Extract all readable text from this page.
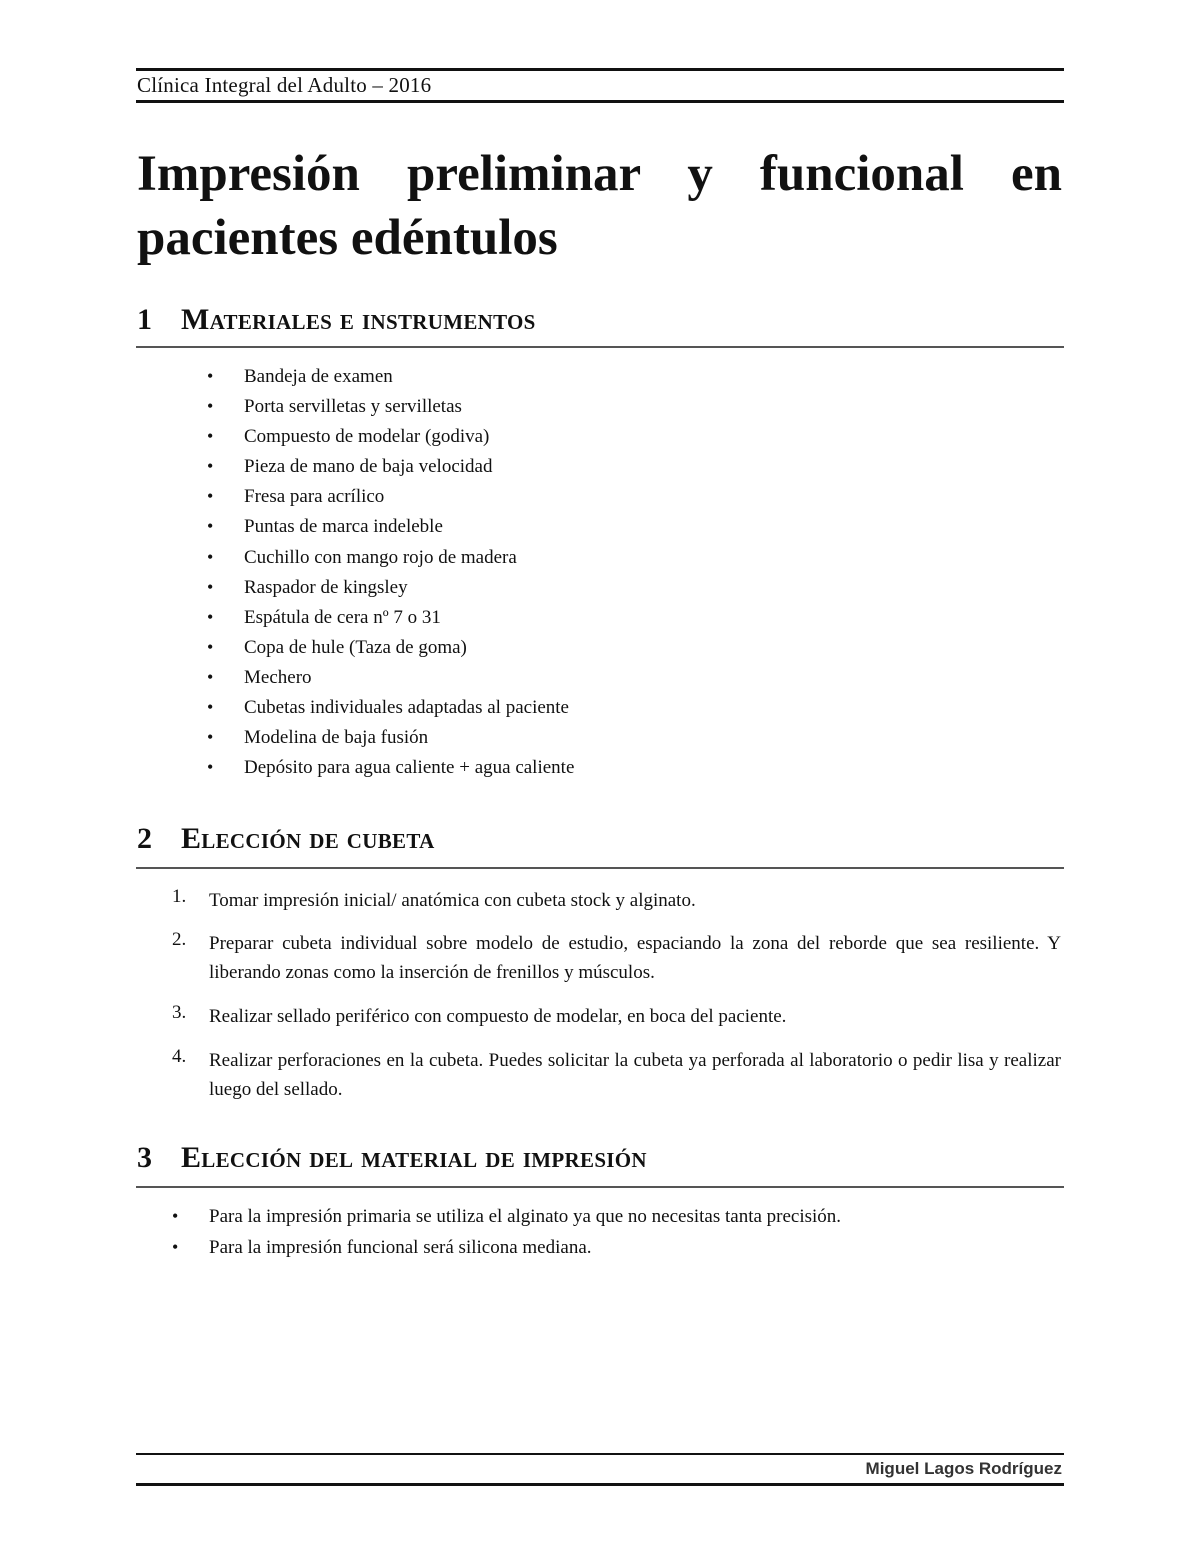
Clínica Integral del Adulto – 2016
Impresión preliminar y funcional en pacientes edéntulos
1 Materiales e instrumentos
• Bandeja de examen
• Porta servilletas y servilletas
• Compuesto de modelar (godiva)
• Pieza de mano de baja velocidad
• Fresa para acrílico
• Puntas de marca indeleble
• Cuchillo con mango rojo de madera
• Raspador de kingsley
• Espátula de cera nº 7 o 31
• Copa de hule (Taza de goma)
• Mechero
• Cubetas individuales adaptadas al paciente
• Modelina de baja fusión
• Depósito para agua caliente + agua caliente
2 Elección de cubeta
1. Tomar impresión inicial/ anatómica con cubeta stock y alginato.
2. Preparar cubeta individual sobre modelo de estudio, espaciando la zona del reborde que sea resiliente. Y liberando zonas como la inserción de frenillos y músculos.
3. Realizar sellado periférico con compuesto de modelar, en boca del paciente.
4. Realizar perforaciones en la cubeta. Puedes solicitar la cubeta ya perforada al laboratorio o pedir lisa y realizar luego del sellado.
3 Elección del material de impresión
• Para la impresión primaria se utiliza el alginato ya que no necesitas tanta precisión.
• Para la impresión funcional será silicona mediana.
Miguel Lagos Rodríguez
